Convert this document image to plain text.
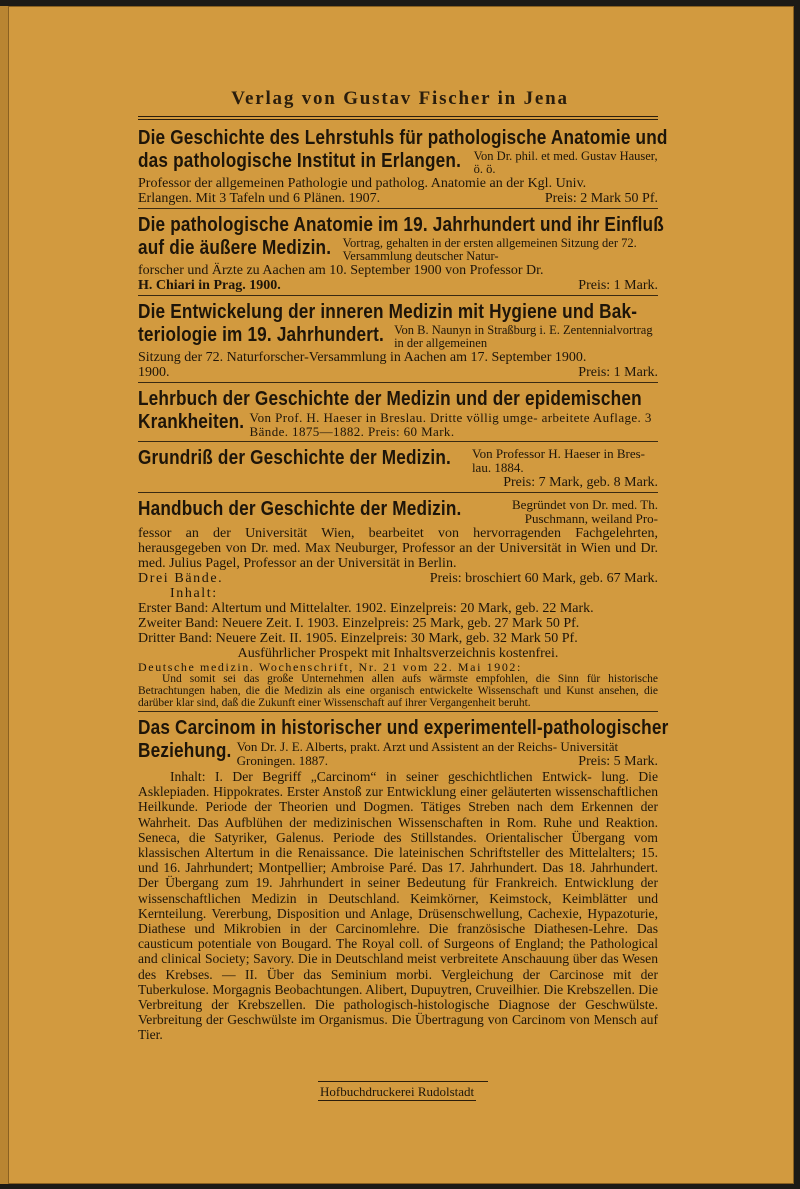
Verlag von Gustav Fischer in Jena
Die Geschichte des Lehrstuhls für pathologische Anatomie und
das pathologische Institut in Erlangen. Von Dr. phil. et med. Gustav Hauser, ö. ö.
Professor der allgemeinen Pathologie und patholog. Anatomie an der Kgl. Univ.
Erlangen. Mit 3 Tafeln und 6 Plänen. 1907.	Preis: 2 Mark 50 Pf.
Die pathologische Anatomie im 19. Jahrhundert und ihr Einfluß
auf die äußere Medizin. Vortrag, gehalten in der ersten allgemeinen Sitzung der 72. Versammlung deutscher Natur-
forscher und Ärzte zu Aachen am 10. September 1900 von Professor Dr.
H. Chiari in Prag. 1900.	Preis: 1 Mark.
Die Entwickelung der inneren Medizin mit Hygiene und Bak-
teriologie im 19. Jahrhundert. Von B. Naunyn in Straßburg i. E. Zentennialvortrag in der allgemeinen
Sitzung der 72. Naturforscher-Versammlung in Aachen am 17. September 1900.
1900.	Preis: 1 Mark.
Lehrbuch der Geschichte der Medizin und der epidemischen
Krankheiten. Von Prof. H. Haeser in Breslau. Dritte völlig umge- arbeitete Auflage. 3 Bände. 1875—1882. Preis: 60 Mark.
Grundriß der Geschichte der Medizin. Von Professor H. Haeser in Bres- lau. 1884.
Preis: 7 Mark, geb. 8 Mark.
Handbuch der Geschichte der Medizin.	Begründet von Dr. med. Th. Puschmann, weiland Pro-
fessor an der Universität Wien, bearbeitet von hervorragenden Fachgelehrten, herausgegeben von Dr. med. Max Neuburger, Professor an der Universität in Wien und Dr. med. Julius Pagel, Professor an der Universität in Berlin.
Drei Bände.	Preis: broschiert 60 Mark, geb. 67 Mark.
Inhalt:
Erster Band: Altertum und Mittelalter. 1902. Einzelpreis: 20 Mark, geb. 22 Mark.
Zweiter Band: Neuere Zeit. I. 1903. Einzelpreis: 25 Mark, geb. 27 Mark 50 Pf.
Dritter Band: Neuere Zeit. II. 1905. Einzelpreis: 30 Mark, geb. 32 Mark 50 Pf.
Ausführlicher Prospekt mit Inhaltsverzeichnis kostenfrei.
Deutsche medizin. Wochenschrift, Nr. 21 vom 22. Mai 1902:
Und somit sei das große Unternehmen allen aufs wärmste empfohlen, die Sinn für historische Betrachtungen haben, die die Medizin als eine organisch entwickelte Wissenschaft und Kunst ansehen, die darüber klar sind, daß die Zukunft einer Wissenschaft auf ihrer Vergangenheit beruht.
Das Carcinom in historischer und experimentell-pathologischer
Beziehung. Von Dr. J. E. Alberts, prakt. Arzt und Assistent an der Reichs- Universität Groningen. 1887.	Preis: 5 Mark.
Inhalt: I. Der Begriff „Carcinom“ in seiner geschichtlichen Entwick- lung. Die Asklepiaden. Hippokrates. Erster Anstoß zur Entwicklung einer geläuterten wissenschaftlichen Heilkunde. Periode der Theorien und Dogmen. Tätiges Streben nach dem Erkennen der Wahrheit. Das Aufblühen der medizinischen Wissenschaften in Rom. Ruhe und Reaktion. Seneca, die Satyriker, Galenus. Periode des Stillstandes. Orientalischer Übergang vom klassischen Altertum in die Renaissance. Die lateinischen Schriftsteller des Mittelalters; 15. und 16. Jahrhundert; Montpellier; Ambroise Paré. Das 17. Jahrhundert. Das 18. Jahrhundert. Der Übergang zum 19. Jahrhundert in seiner Bedeutung für Frankreich. Entwicklung der wissenschaftlichen Medizin in Deutschland. Keimkörner, Keimstock, Keimblätter und Kernteilung. Vererbung, Disposition und Anlage, Drüsenschwellung, Cachexie, Hypazoturie, Diathese und Mikrobien in der Carcinomlehre. Die französische Diathesen-Lehre. Das causticum potentiale von Bougard. The Royal coll. of Surgeons of England; the Pathological and clinical Society; Savory. Die in Deutschland meist verbreitete Anschauung über das Wesen des Krebses. — II. Über das Seminium morbi. Vergleichung der Carcinose mit der Tuberkulose. Morgagnis Beobachtungen. Alibert, Dupuytren, Cruveilhier. Die Krebszellen. Die Verbreitung der Krebszellen. Die pathologisch-histologische Diagnose der Geschwülste. Verbreitung der Geschwülste im Organismus. Die Übertragung von Carcinom von Mensch auf Tier.
Hofbuchdruckerei Rudolstadt
